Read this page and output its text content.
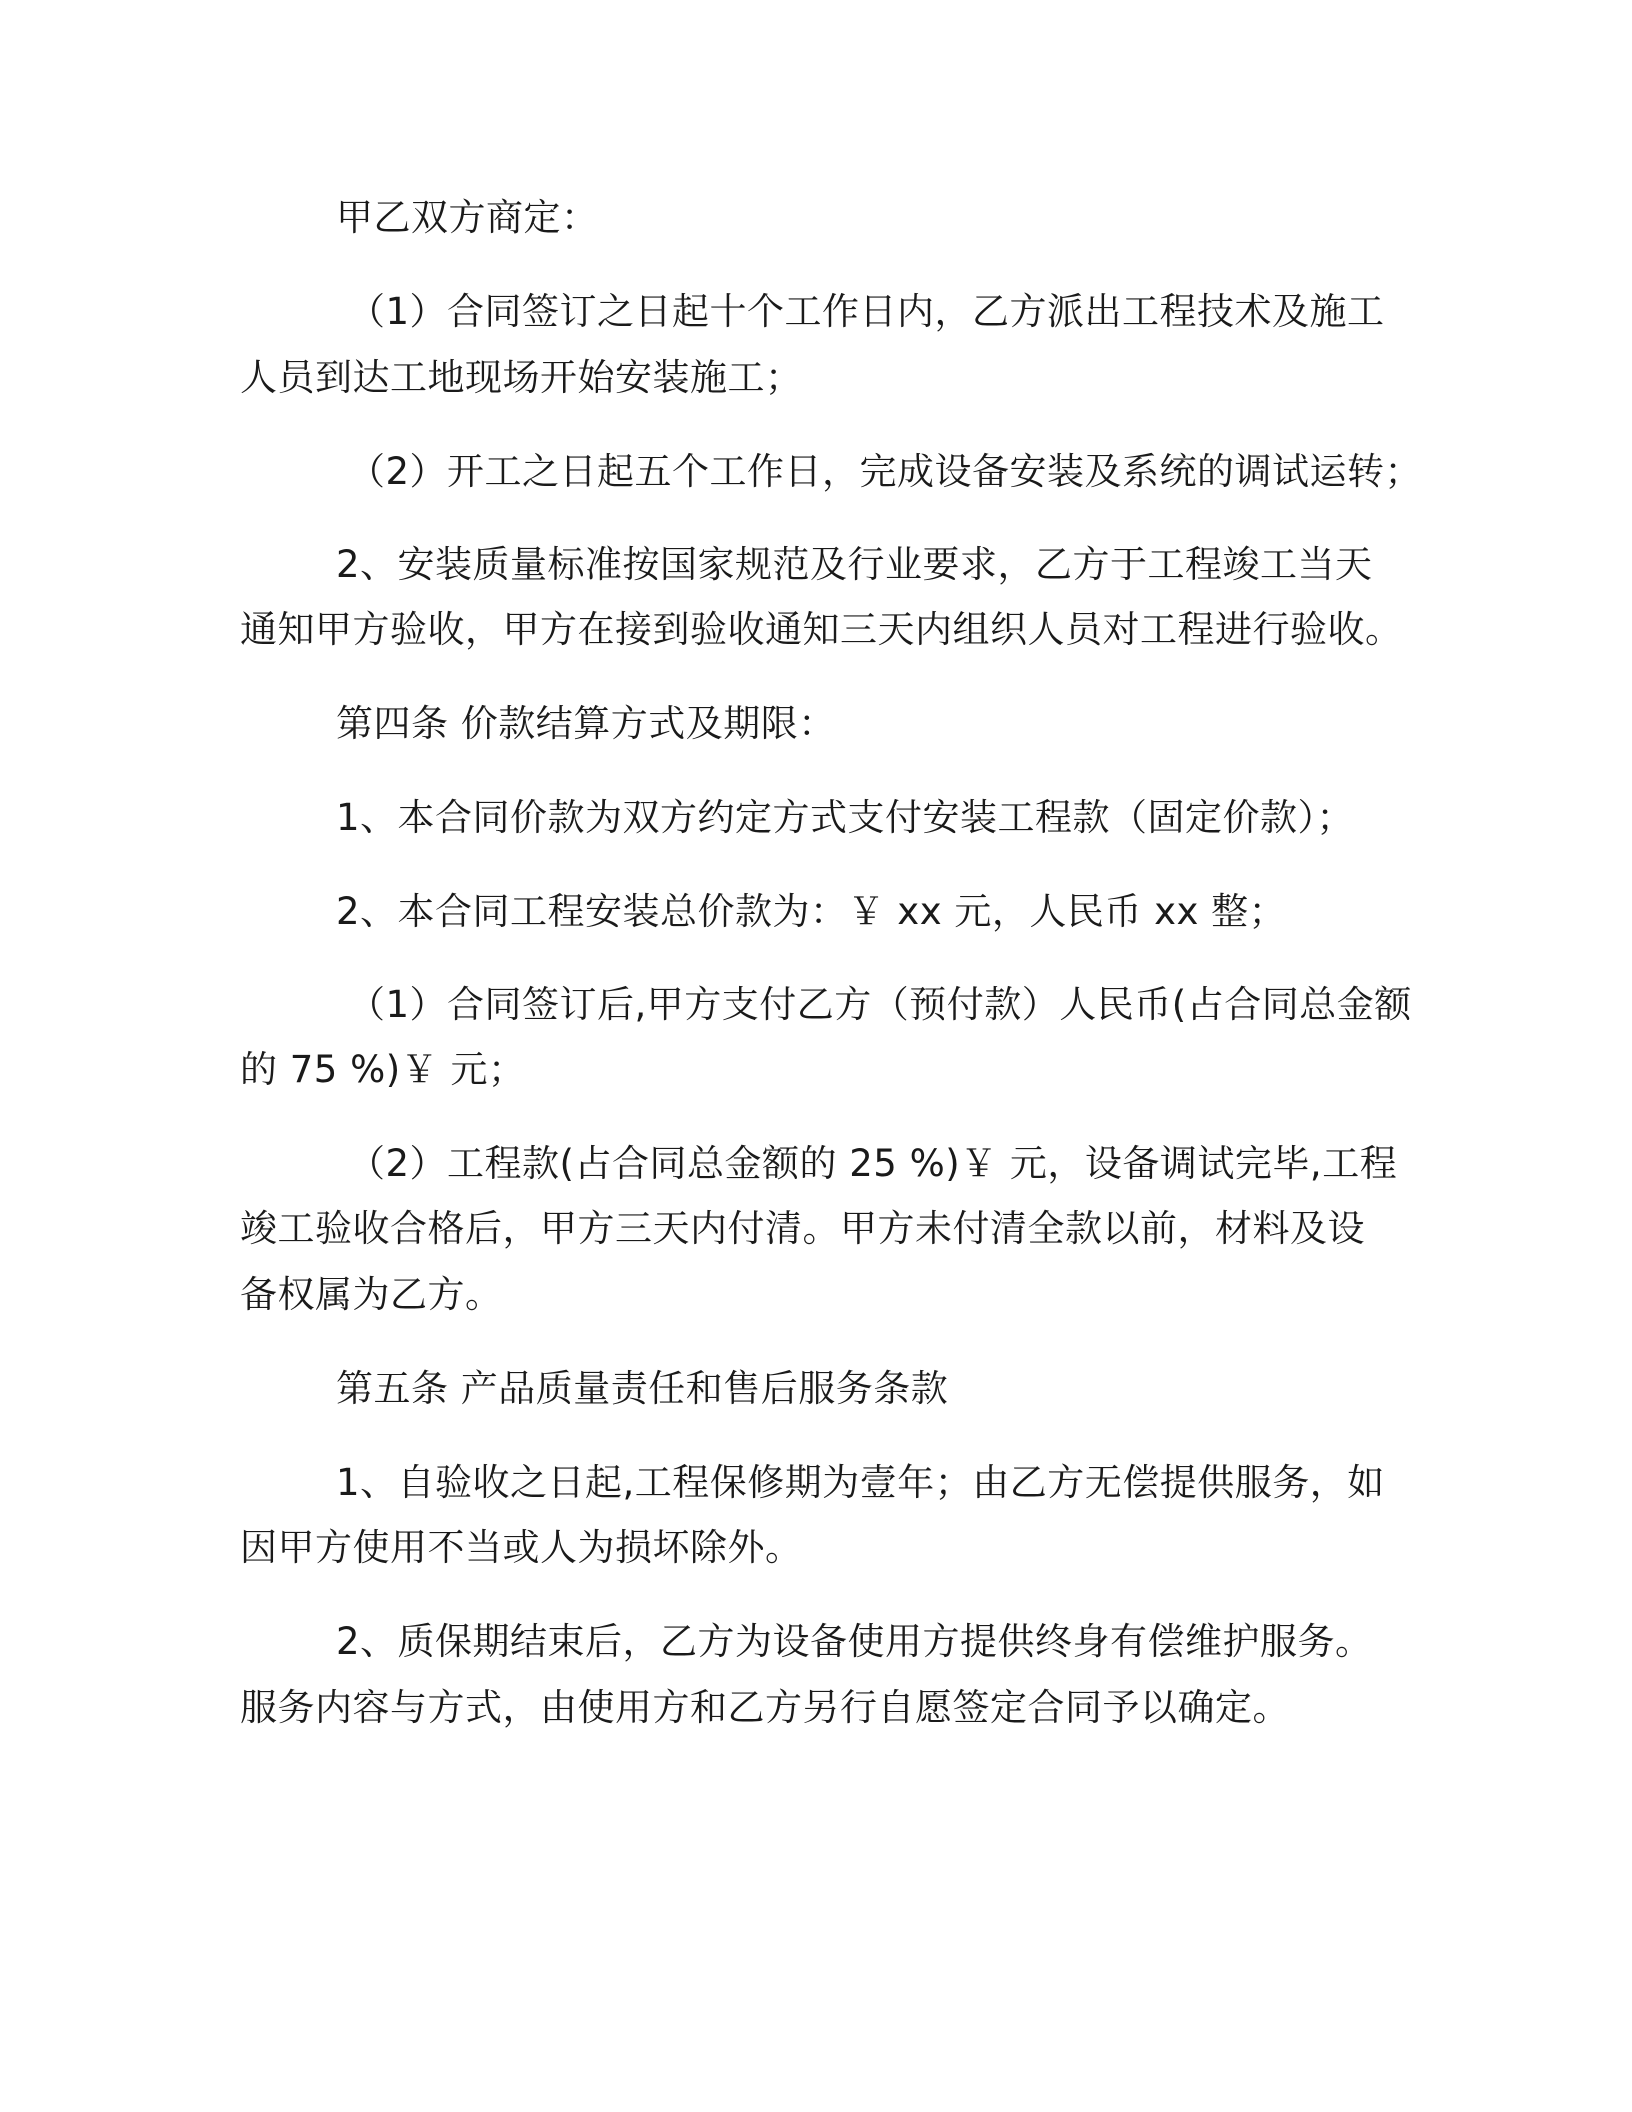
甲乙双方商定：
（1）合同签订之日起十个工作日内，乙方派出工程技术及施工
人员到达工地现场开始安装施工；
（2）开工之日起五个工作日，完成设备安装及系统的调试运转；
2、安装质量标准按国家规范及行业要求，乙方于工程竣工当天
通知甲方验收，甲方在接到验收通知三天内组织人员对工程进行验收。
第四条 价款结算方式及期限：
1、本合同价款为双方约定方式支付安装工程款（固定价款）；
2、本合同工程安装总价款为：￥ xx 元，人民币 xx 整；
（1）合同签订后,甲方支付乙方（预付款）人民币(占合同总金额
的 75 %)￥ 元；
（2）工程款(占合同总金额的 25 %)￥ 元，设备调试完毕,工程
竣工验收合格后，甲方三天内付清。甲方未付清全款以前，材料及设
备权属为乙方。
第五条 产品质量责任和售后服务条款
1、自验收之日起,工程保修期为壹年；由乙方无偿提供服务，如
因甲方使用不当或人为损坏除外。
2、质保期结束后，乙方为设备使用方提供终身有偿维护服务。
服务内容与方式，由使用方和乙方另行自愿签定合同予以确定。
